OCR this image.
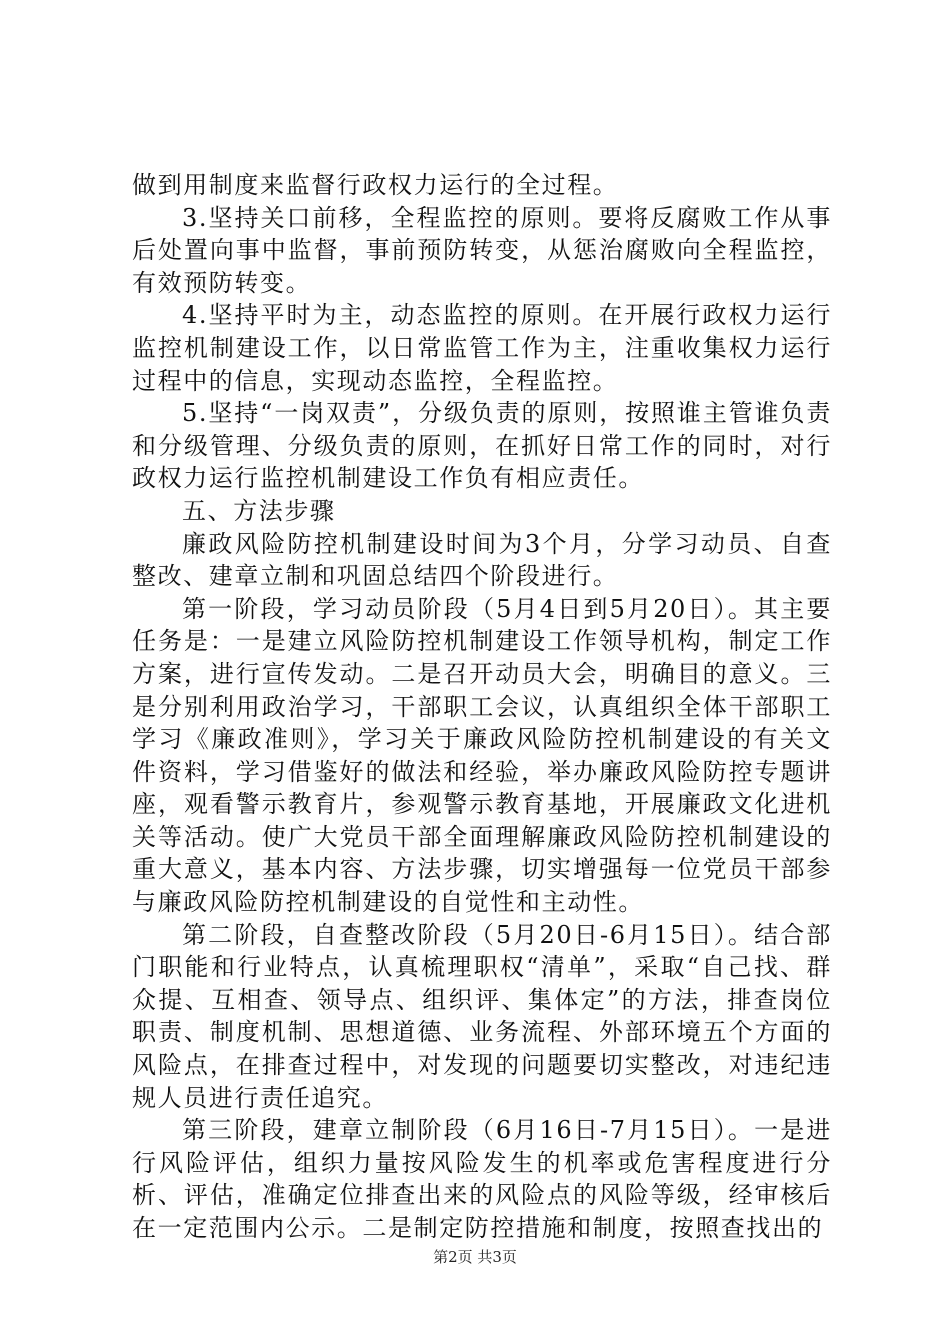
做到用制度来监督行政权力运行的全过程。

3.坚持关口前移，全程监控的原则。要将反腐败工作从事后处置向事中监督，事前预防转变，从惩治腐败向全程监控，有效预防转变。

4.坚持平时为主，动态监控的原则。在开展行政权力运行监控机制建设工作，以日常监管工作为主，注重收集权力运行过程中的信息，实现动态监控，全程监控。

5.坚持“一岗双责”，分级负责的原则，按照谁主管谁负责和分级管理、分级负责的原则，在抓好日常工作的同时，对行政权力运行监控机制建设工作负有相应责任。

五、方法步骤

廉政风险防控机制建设时间为3个月，分学习动员、自查整改、建章立制和巩固总结四个阶段进行。

第一阶段，学习动员阶段（5月4日到5月20日）。其主要任务是：一是建立风险防控机制建设工作领导机构，制定工作方案，进行宣传发动。二是召开动员大会，明确目的意义。三是分别利用政治学习，干部职工会议，认真组织全体干部职工学习《廉政准则》，学习关于廉政风险防控机制建设的有关文件资料，学习借鉴好的做法和经验，举办廉政风险防控专题讲座，观看警示教育片，参观警示教育基地，开展廉政文化进机关等活动。使广大党员干部全面理解廉政风险防控机制建设的重大意义，基本内容、方法步骤，切实增强每一位党员干部参与廉政风险防控机制建设的自觉性和主动性。

第二阶段，自查整改阶段（5月20日-6月15日）。结合部门职能和行业特点，认真梳理职权“清单”，采取“自己找、群众提、互相查、领导点、组织评、集体定”的方法，排查岗位职责、制度机制、思想道德、业务流程、外部环境五个方面的风险点，在排查过程中，对发现的问题要切实整改，对违纪违规人员进行责任追究。

第三阶段，建章立制阶段（6月16日-7月15日）。一是进行风险评估，组织力量按风险发生的机率或危害程度进行分析、评估，准确定位排查出来的风险点的风险等级，经审核后在一定范围内公示。二是制定防控措施和制度，按照查找出的

第2页 共3页
